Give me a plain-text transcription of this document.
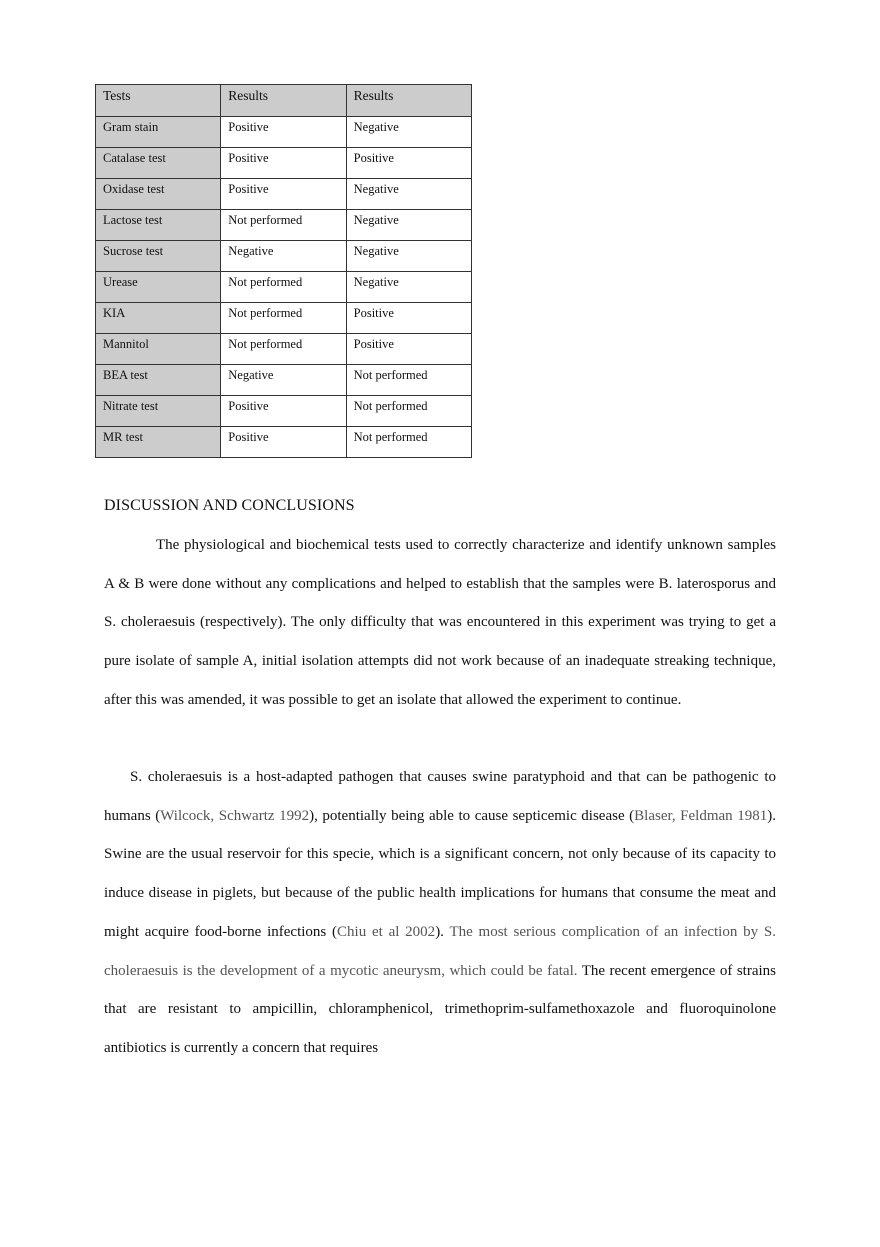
Tests	Results	Results
Gram stain	Positive	Negative
Catalase test	Positive	Positive
Oxidase test	Positive	Negative
Lactose test	Not performed	Negative
Sucrose test	Negative	Negative
Urease	Not performed	Negative
KIA	Not performed	Positive
Mannitol	Not performed	Positive
BEA test	Negative	Not performed
Nitrate test	Positive	Not performed
MR test	Positive	Not performed
DISCUSSION AND CONCLUSIONS

The physiological and biochemical tests used to correctly characterize and identify unknown samples A & B were done without any complications and helped to establish that the samples were B. laterosporus and S. choleraesuis (respectively). The only difficulty that was encountered in this experiment was trying to get a pure isolate of sample A, initial isolation attempts did not work because of an inadequate streaking technique, after this was amended, it was possible to get an isolate that allowed the experiment to continue.

S. choleraesuis is a host-adapted pathogen that causes swine paratyphoid and that can be pathogenic to humans (Wilcock, Schwartz 1992), potentially being able to cause septicemic disease (Blaser, Feldman 1981). Swine are the usual reservoir for this specie, which is a significant concern, not only because of its capacity to induce disease in piglets, but because of the public health implications for humans that consume the meat and might acquire food-borne infections (Chiu et al 2002). The most serious complication of an infection by S. choleraesuis is the development of a mycotic aneurysm, which could be fatal. The recent emergence of strains that are resistant to ampicillin, chloramphenicol, trimethoprim-sulfamethoxazole and fluoroquinolone antibiotics is currently a concern that requires
